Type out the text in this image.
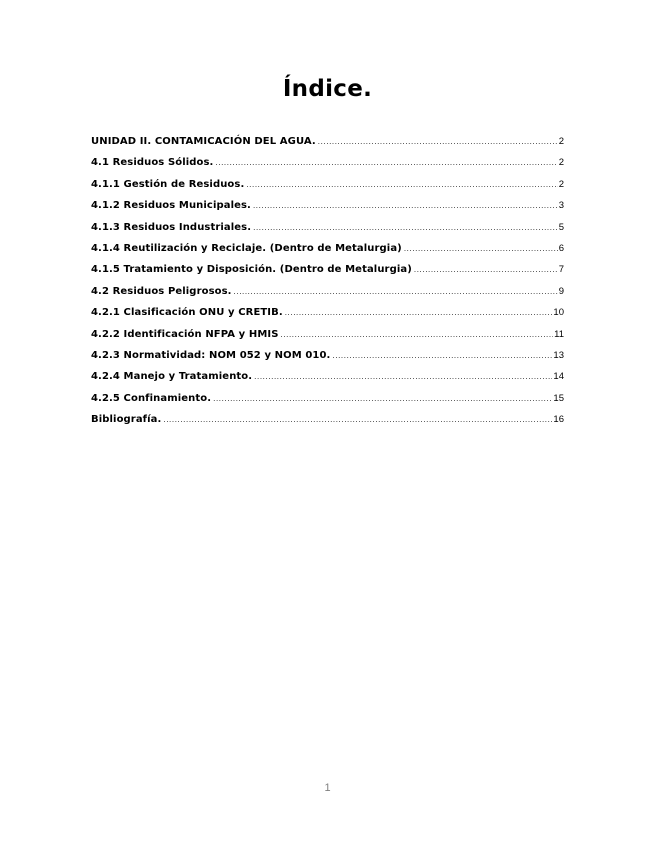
Índice.
UNIDAD II. CONTAMICACIÓN DEL AGUA. .....	2
4.1 Residuos Sólidos. .....	2
4.1.1 Gestión de Residuos. .....	2
4.1.2 Residuos Municipales. .....	3
4.1.3 Residuos Industriales. .....	5
4.1.4 Reutilización y Reciclaje. (Dentro de Metalurgia) .....	6
4.1.5 Tratamiento y Disposición. (Dentro de Metalurgia) .....	7
4.2 Residuos Peligrosos. .....	9
4.2.1 Clasificación ONU y CRETIB. .....	10
4.2.2 Identificación NFPA y HMIS .....	11
4.2.3 Normatividad: NOM 052 y NOM 010. .....	13
4.2.4 Manejo y Tratamiento. .....	14
4.2.5 Confinamiento. .....	15
Bibliografía. .....	16
1
